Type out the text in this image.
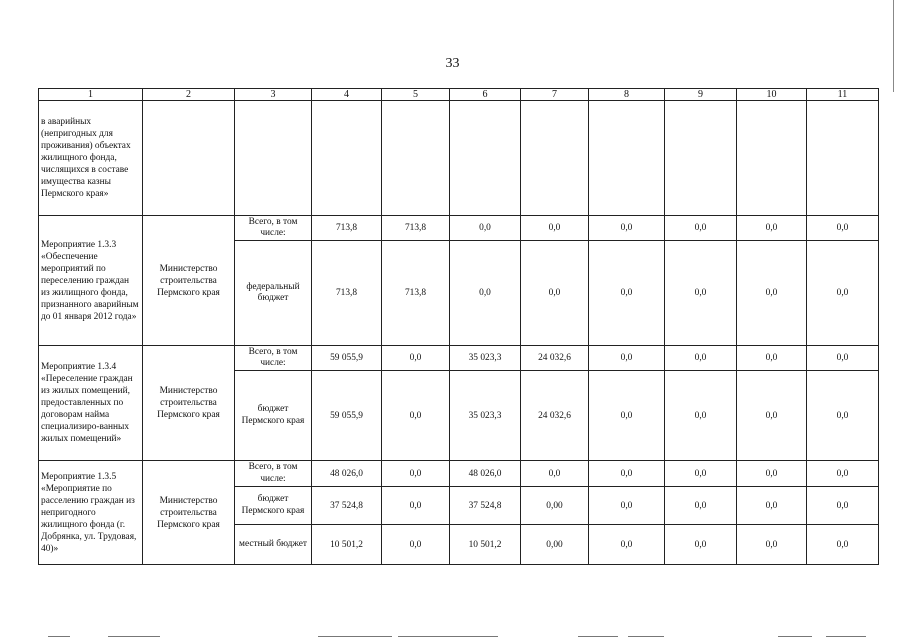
33
1	2	3	4	5	6	7	8	9	10	11
в аварийных (непригодных для проживания) объектах жилищного фонда, числящихся в составе имущества казны Пермского края»										
Мероприятие 1.3.3 «Обеспечение мероприятий по переселению граждан из жилищного фонда, признанного аварийным до 01 января 2012 года»	Министерство строительства Пермского края	Всего, в том числе:	713,8	713,8	0,0	0,0	0,0	0,0	0,0	0,0
		федеральный бюджет	713,8	713,8	0,0	0,0	0,0	0,0	0,0	0,0
Мероприятие 1.3.4 «Переселение граждан из жилых помещений, предоставленных по договорам найма специализиро-ванных жилых помещений»	Министерство строительства Пермского края	Всего, в том числе:	59 055,9	0,0	35 023,3	24 032,6	0,0	0,0	0,0	0,0
		бюджет Пермского края	59 055,9	0,0	35 023,3	24 032,6	0,0	0,0	0,0	0,0
Мероприятие 1.3.5 «Мероприятие по расселению граждан из непригодного жилищного фонда (г. Добрянка, ул. Трудовая, 40)»	Министерство строительства Пермского края	Всего, в том числе:	48 026,0	0,0	48 026,0	0,0	0,0	0,0	0,0	0,0
		бюджет Пермского края	37 524,8	0,0	37 524,8	0,00	0,0	0,0	0,0	0,0
		местный бюджет	10 501,2	0,0	10 501,2	0,00	0,0	0,0	0,0	0,0
